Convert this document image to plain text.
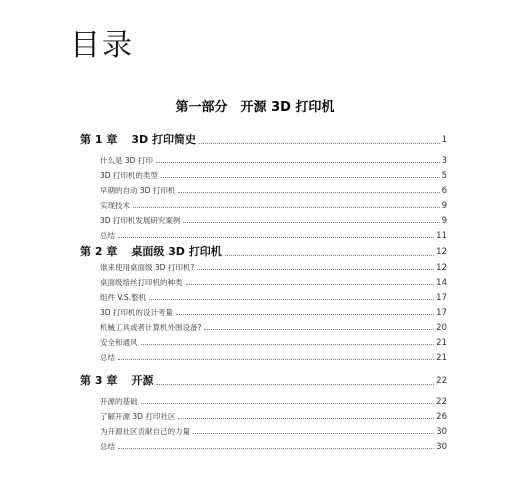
目录
第一部分　开源 3D 打印机
第 1 章 3D 打印简史	1
什么是 3D 打印	3
3D 打印机的类型	5
早期的自动 3D 打印机	6
实现技术	9
3D 打印机发展研究案例	9
总结	11
第 2 章 桌面级 3D 打印机	12
谁来使用桌面级 3D 打印机?	12
桌面级熔丝打印机的种类	14
组件 V.S.整机	17
3D 打印机的设计考量	17
机械工具或者计算机外围设备?	20
安全和通风	21
总结	21
第 3 章 开源	22
开源的基础	22
了解开源 3D 打印社区	26
为开源社区贡献自己的力量	30
总结	30
